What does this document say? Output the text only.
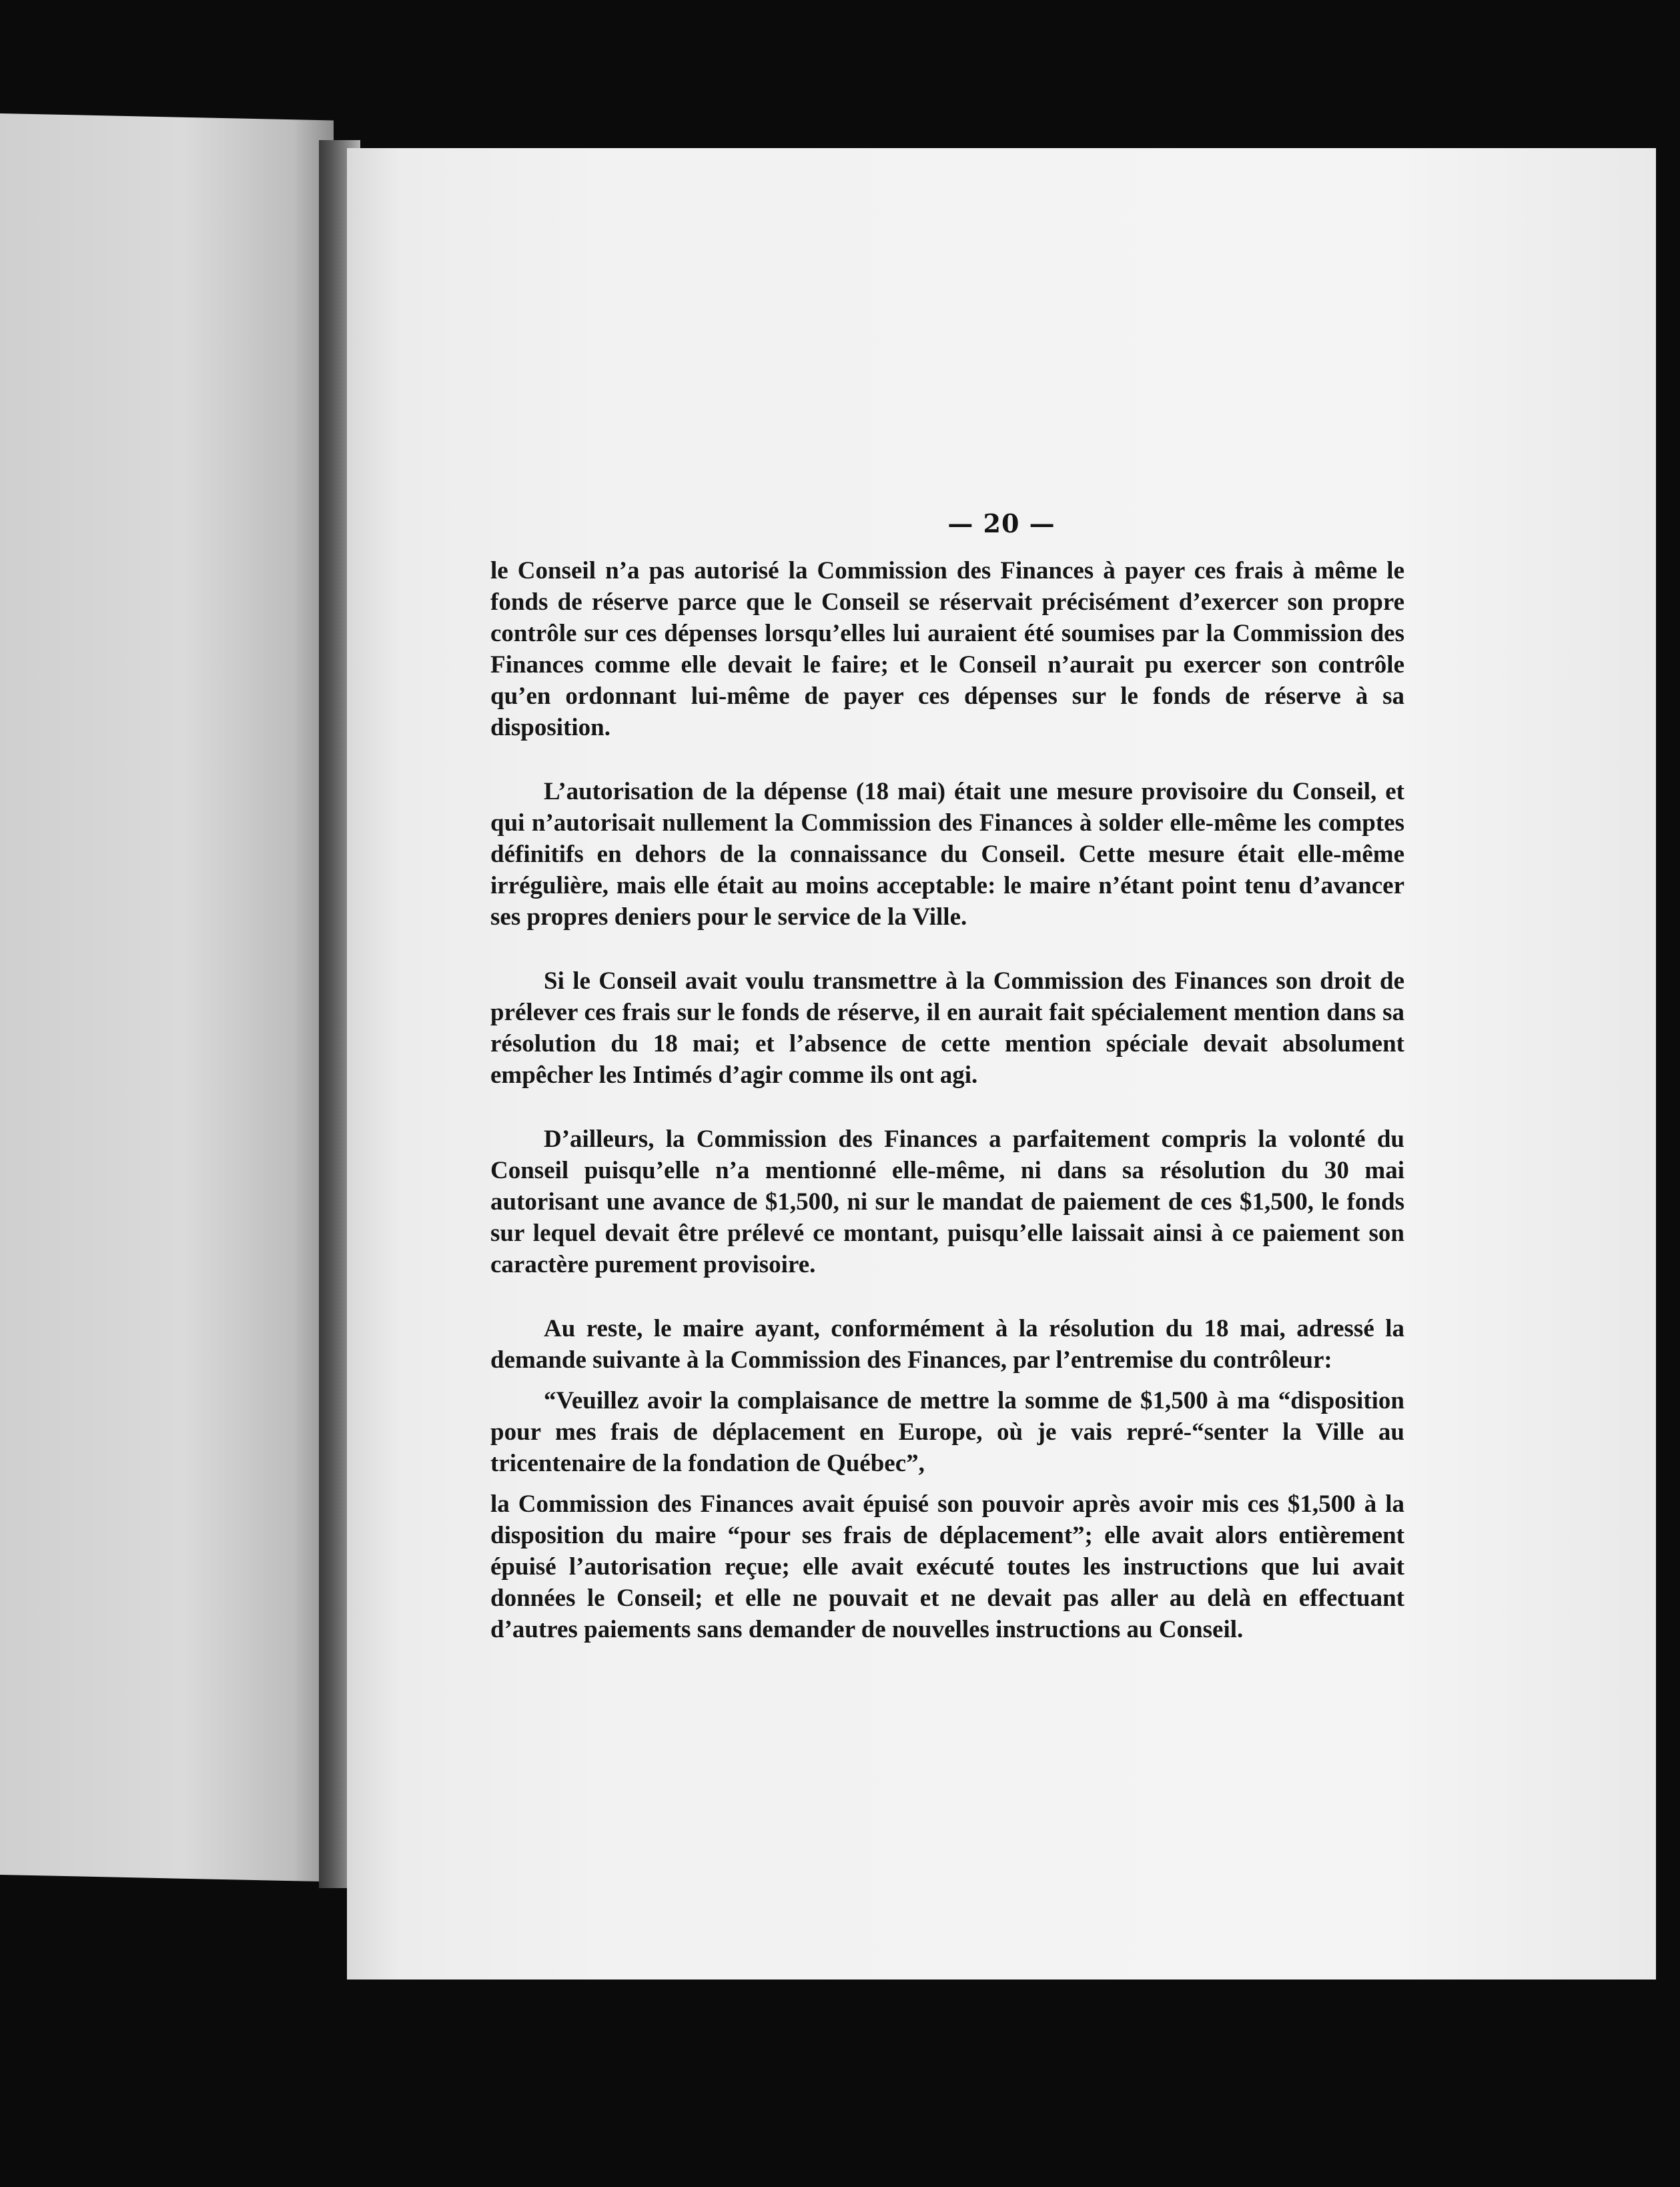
— 20 —

le Conseil n’a pas autorisé la Commission des Finances à payer ces frais à même le fonds de réserve parce que le Conseil se réservait précisément d’exercer son propre contrôle sur ces dépenses lorsqu’elles lui auraient été soumises par la Commission des Finances comme elle devait le faire; et le Conseil n’aurait pu exercer son contrôle qu’en ordonnant lui-même de payer ces dépenses sur le fonds de réserve à sa disposition.

L’autorisation de la dépense (18 mai) était une mesure provisoire du Conseil, et qui n’autorisait nullement la Commission des Finances à solder elle-même les comptes définitifs en dehors de la connaissance du Conseil. Cette mesure était elle-même irrégulière, mais elle était au moins acceptable: le maire n’étant point tenu d’avancer ses propres deniers pour le service de la Ville.

Si le Conseil avait voulu transmettre à la Commission des Finances son droit de prélever ces frais sur le fonds de réserve, il en aurait fait spécialement mention dans sa résolution du 18 mai; et l’absence de cette mention spéciale devait absolument empêcher les Intimés d’agir comme ils ont agi.

D’ailleurs, la Commission des Finances a parfaitement compris la volonté du Conseil puisqu’elle n’a mentionné elle-même, ni dans sa résolution du 30 mai autorisant une avance de $1,500, ni sur le mandat de paiement de ces $1,500, le fonds sur lequel devait être prélevé ce montant, puisqu’elle laissait ainsi à ce paiement son caractère purement provisoire.

Au reste, le maire ayant, conformément à la résolution du 18 mai, adressé la demande suivante à la Commission des Finances, par l’entremise du contrôleur:

“Veuillez avoir la complaisance de mettre la somme de $1,500 à ma “disposition pour mes frais de déplacement en Europe, où je vais repré-“senter la Ville au tricentenaire de la fondation de Québec”,

la Commission des Finances avait épuisé son pouvoir après avoir mis ces $1,500 à la disposition du maire “pour ses frais de déplacement”; elle avait alors entièrement épuisé l’autorisation reçue; elle avait exécuté toutes les instructions que lui avait données le Conseil; et elle ne pouvait et ne devait pas aller au delà en effectuant d’autres paiements sans demander de nouvelles instructions au Conseil.
